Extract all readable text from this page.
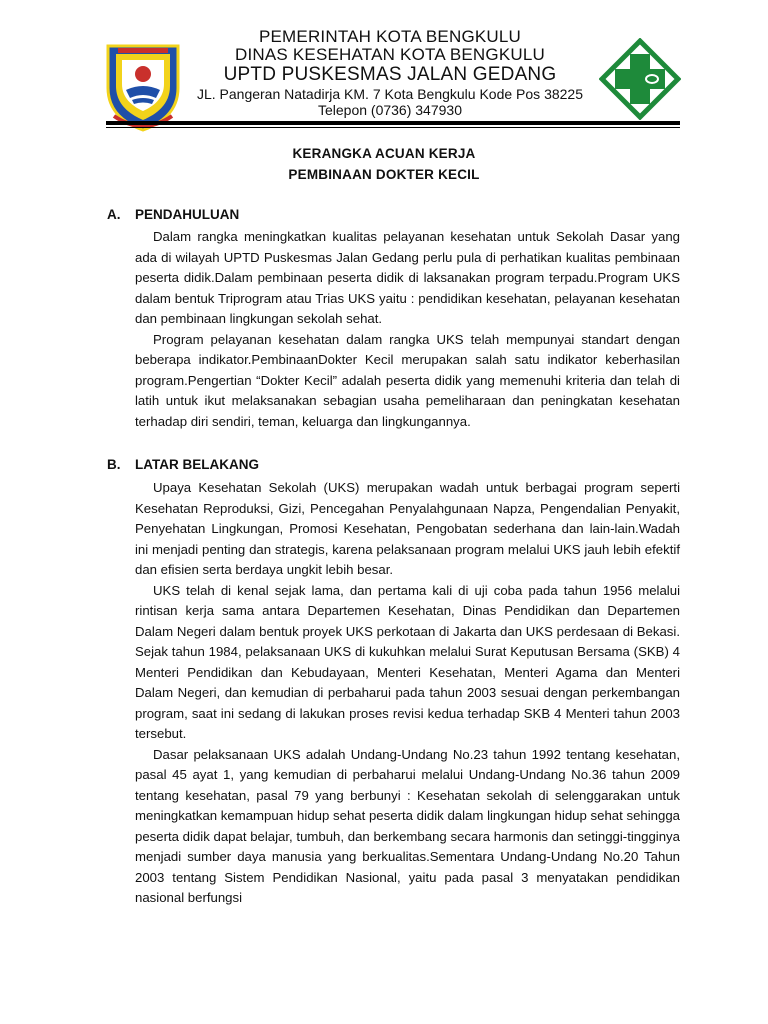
PEMERINTAH KOTA BENGKULU
DINAS KESEHATAN KOTA BENGKULU
UPTD PUSKESMAS JALAN GEDANG
JL. Pangeran Natadirja KM. 7 Kota Bengkulu Kode Pos 38225
Telepon (0736) 347930
KERANGKA ACUAN KERJA
PEMBINAAN DOKTER KECIL
A. PENDAHULUAN

Dalam rangka meningkatkan kualitas pelayanan kesehatan untuk Sekolah Dasar yang ada di wilayah UPTD Puskesmas Jalan Gedang perlu pula di perhatikan kualitas pembinaan peserta didik.Dalam pembinaan peserta didik di laksanakan program terpadu.Program UKS dalam bentuk Triprogram atau Trias UKS yaitu : pendidikan kesehatan, pelayanan kesehatan dan pembinaan lingkungan sekolah sehat.

Program pelayanan kesehatan dalam rangka UKS telah mempunyai standart dengan beberapa indikator.PembinaanDokter Kecil merupakan salah satu indikator keberhasilan program.Pengertian “Dokter Kecil” adalah peserta didik yang memenuhi kriteria dan telah di latih untuk ikut melaksanakan sebagian usaha pemeliharaan dan peningkatan kesehatan terhadap diri sendiri, teman, keluarga dan lingkungannya.

B. LATAR BELAKANG

Upaya Kesehatan Sekolah (UKS) merupakan wadah untuk berbagai program seperti Kesehatan Reproduksi, Gizi, Pencegahan Penyalahgunaan Napza, Pengendalian Penyakit, Penyehatan Lingkungan, Promosi Kesehatan, Pengobatan sederhana dan lain-lain.Wadah ini menjadi penting dan strategis, karena pelaksanaan program melalui UKS jauh lebih efektif dan efisien serta berdaya ungkit lebih besar.

UKS telah di kenal sejak lama, dan pertama kali di uji coba pada tahun 1956 melalui rintisan kerja sama antara Departemen Kesehatan, Dinas Pendidikan dan Departemen Dalam Negeri dalam bentuk proyek UKS perkotaan di Jakarta dan UKS perdesaan di Bekasi. Sejak tahun 1984, pelaksanaan UKS di kukuhkan melalui Surat Keputusan Bersama (SKB) 4 Menteri Pendidikan dan Kebudayaan, Menteri Kesehatan, Menteri Agama dan Menteri Dalam Negeri, dan kemudian di perbaharui pada tahun 2003 sesuai dengan perkembangan program, saat ini sedang di lakukan proses revisi kedua terhadap SKB 4 Menteri tahun 2003 tersebut.

Dasar pelaksanaan UKS adalah Undang-Undang No.23 tahun 1992 tentang kesehatan, pasal 45 ayat 1, yang kemudian di perbaharui melalui Undang-Undang No.36 tahun 2009 tentang kesehatan, pasal 79 yang berbunyi : Kesehatan sekolah di selenggarakan untuk meningkatkan kemampuan hidup sehat peserta didik dalam lingkungan hidup sehat sehingga peserta didik dapat belajar, tumbuh, dan berkembang secara harmonis dan setinggi-tingginya menjadi sumber daya manusia yang berkualitas.Sementara Undang-Undang No.20 Tahun 2003 tentang Sistem Pendidikan Nasional, yaitu pada pasal 3 menyatakan pendidikan nasional berfungsi
